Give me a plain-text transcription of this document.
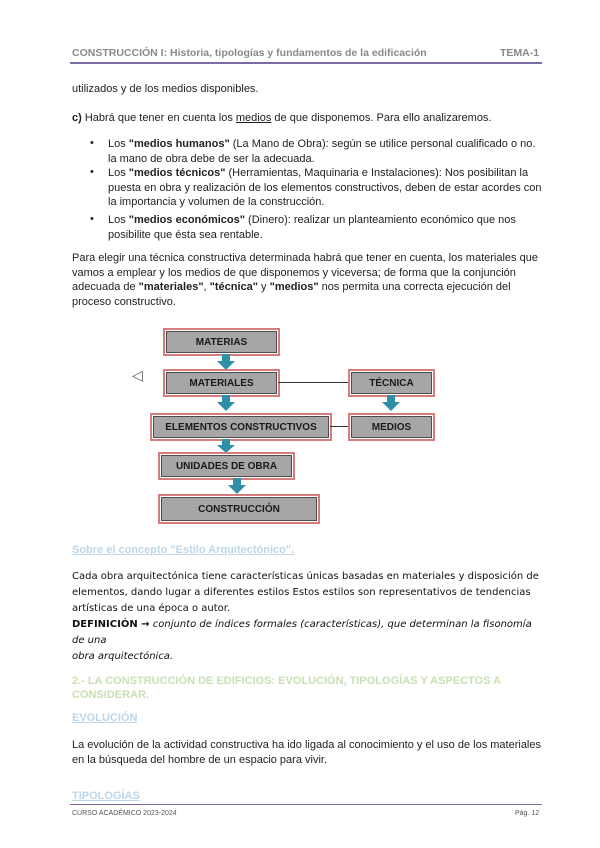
CONSTRUCCIÓN I: Historia, tipologías y fundamentos de la edificación	TEMA-1
utilizados y de los medios disponibles.
c) Habrá que tener en cuenta los medios de que disponemos. Para ello analizaremos.
• Los "medios humanos" (La Mano de Obra): según se utilice personal cualificado o no.
la mano de obra debe de ser la adecuada.
• Los "medios técnicos" (Herramientas, Maquinaria e Instalaciones): Nos posibilitan la
puesta en obra y realización de los elementos constructivos, deben de estar acordes con
la importancia y volumen de la construcción.
• Los "medios económicos" (Dinero): realizar un planteamiento económico que nos
posibilite que ésta sea rentable.
Para elegir una técnica constructiva determinada habrá que tener en cuenta, los materiales que
vamos a emplear y los medios de que disponemos y viceversa; de forma que la conjunción
adecuada de "materiales", "técnica" y "medios" nos permita una correcta ejecución del
proceso constructivo.
◁
MATERIAS
MATERIALES	TÉCNICA
ELEMENTOS CONSTRUCTIVOS	MEDIOS
UNIDADES DE OBRA
CONSTRUCCIÓN
Sobre el concepto "Estilo Arquitectónico".
Cada obra arquitectónica tiene características únicas basadas en materiales y disposición de
elementos, dando lugar a diferentes estilos Estos estilos son representativos de tendencias
artísticas de una época o autor.
DEFINICIÓN → conjunto de índices formales (características), que determinan la fisonomía de una
obra arquitectónica.
2.- LA CONSTRUCCIÓN DE EDIFICIOS: EVOLUCIÓN, TIPOLOGÍAS Y ASPECTOS A
CONSIDERAR.
EVOLUCIÓN
La evolución de la actividad constructiva ha ido ligada al conocimiento y el uso de los materiales
en la búsqueda del hombre de un espacio para vivir.
TIPOLOGÍAS
CURSO ACADÉMICO 2023-2024	Pág. 12
